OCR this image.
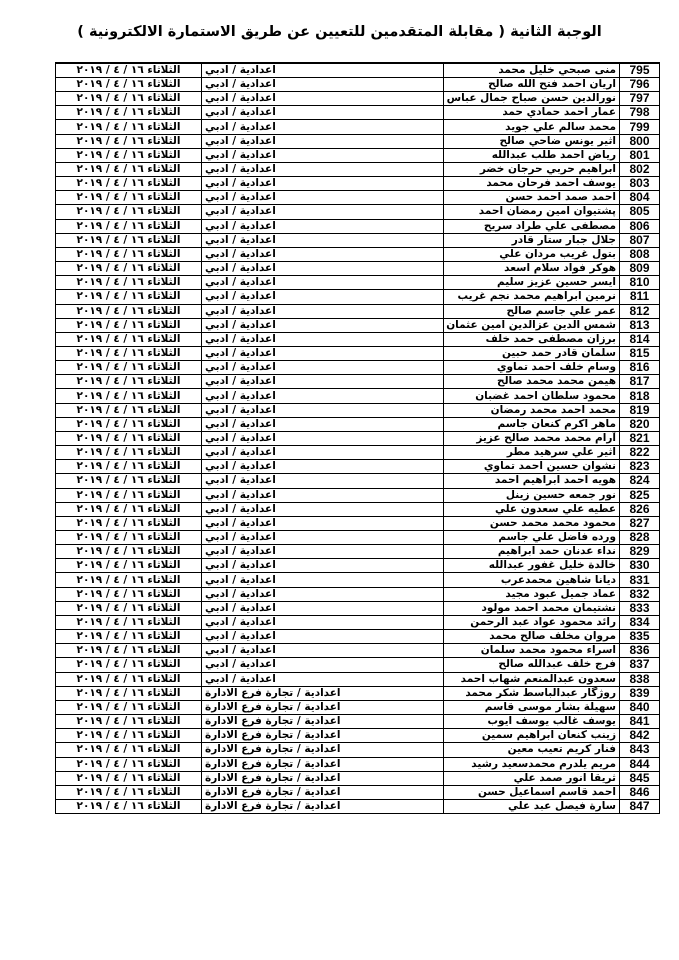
الوجبة الثانية ( مقابلة المتقدمين للتعيين عن طريق الاستمارة الالكترونية )
795	منى صبحي خليل محمد	اعدادية / ادبي	الثلاثاء ١٦ / ٤ / ٢٠١٩
796	اريان احمد فتح الله صالح	اعدادية / ادبي	الثلاثاء ١٦ / ٤ / ٢٠١٩
797	نورالدين حسن صباح جمال عباس	اعدادية / ادبي	الثلاثاء ١٦ / ٤ / ٢٠١٩
798	عمار احمد حمادي حمد	اعدادية / ادبي	الثلاثاء ١٦ / ٤ / ٢٠١٩
799	محمد سالم علي جويد	اعدادية / ادبي	الثلاثاء ١٦ / ٤ / ٢٠١٩
800	اثير يونس ضاحي صالح	اعدادية / ادبي	الثلاثاء ١٦ / ٤ / ٢٠١٩
801	رياض احمد طلب عبدالله	اعدادية / ادبي	الثلاثاء ١٦ / ٤ / ٢٠١٩
802	ابراهيم حربي حرجان خضر	اعدادية / ادبي	الثلاثاء ١٦ / ٤ / ٢٠١٩
803	يوسف احمد فرحان محمد	اعدادية / ادبي	الثلاثاء ١٦ / ٤ / ٢٠١٩
804	احمد صمد احمد حسن	اعدادية / ادبي	الثلاثاء ١٦ / ٤ / ٢٠١٩
805	پشتيوان امين رمضان احمد	اعدادية / ادبي	الثلاثاء ١٦ / ٤ / ٢٠١٩
806	مصطفى علي طراد سريح	اعدادية / ادبي	الثلاثاء ١٦ / ٤ / ٢٠١٩
807	جلال جبار ستار قادر	اعدادية / ادبي	الثلاثاء ١٦ / ٤ / ٢٠١٩
808	بتول غريب مردان علي	اعدادية / ادبي	الثلاثاء ١٦ / ٤ / ٢٠١٩
809	هوكر فواد سلام اسعد	اعدادية / ادبي	الثلاثاء ١٦ / ٤ / ٢٠١٩
810	ايسر حسين عزيز سليم	اعدادية / ادبي	الثلاثاء ١٦ / ٤ / ٢٠١٩
811	نرمين ابراهيم محمد نجم غريب	اعدادية / ادبي	الثلاثاء ١٦ / ٤ / ٢٠١٩
812	عمر علي جاسم صالح	اعدادية / ادبي	الثلاثاء ١٦ / ٤ / ٢٠١٩
813	شمس الدين عزالدين امين عثمان	اعدادية / ادبي	الثلاثاء ١٦ / ٤ / ٢٠١٩
814	برزان مصطفى حمد خلف	اعدادية / ادبي	الثلاثاء ١٦ / ٤ / ٢٠١٩
815	سلمان قادر حمد حبين	اعدادية / ادبي	الثلاثاء ١٦ / ٤ / ٢٠١٩
816	وسام خلف احمد تماوي	اعدادية / ادبي	الثلاثاء ١٦ / ٤ / ٢٠١٩
817	هيمن محمد محمد صالح	اعدادية / ادبي	الثلاثاء ١٦ / ٤ / ٢٠١٩
818	محمود سلطان احمد غضبان	اعدادية / ادبي	الثلاثاء ١٦ / ٤ / ٢٠١٩
819	محمد احمد محمد رمضان	اعدادية / ادبي	الثلاثاء ١٦ / ٤ / ٢٠١٩
820	ماهر اكرم كنعان جاسم	اعدادية / ادبي	الثلاثاء ١٦ / ٤ / ٢٠١٩
821	آرام محمد محمد صالح عزيز	اعدادية / ادبي	الثلاثاء ١٦ / ٤ / ٢٠١٩
822	اثير علي سرهيد مطر	اعدادية / ادبي	الثلاثاء ١٦ / ٤ / ٢٠١٩
823	نشوان حسين احمد تماوي	اعدادية / ادبي	الثلاثاء ١٦ / ٤ / ٢٠١٩
824	هويه احمد ابراهيم احمد	اعدادية / ادبي	الثلاثاء ١٦ / ٤ / ٢٠١٩
825	نور جمعه حسين زينل	اعدادية / ادبي	الثلاثاء ١٦ / ٤ / ٢٠١٩
826	عطيه علي سعدون علي	اعدادية / ادبي	الثلاثاء ١٦ / ٤ / ٢٠١٩
827	محمود محمد محمد حسن	اعدادية / ادبي	الثلاثاء ١٦ / ٤ / ٢٠١٩
828	ورده فاضل علي جاسم	اعدادية / ادبي	الثلاثاء ١٦ / ٤ / ٢٠١٩
829	نداء عدنان حمد ابراهيم	اعدادية / ادبي	الثلاثاء ١٦ / ٤ / ٢٠١٩
830	خالدة خليل غفور عبدالله	اعدادية / ادبي	الثلاثاء ١٦ / ٤ / ٢٠١٩
831	ديانا شاهين محمدعرب	اعدادية / ادبي	الثلاثاء ١٦ / ٤ / ٢٠١٩
832	عماد جميل عبود مجيد	اعدادية / ادبي	الثلاثاء ١٦ / ٤ / ٢٠١٩
833	نشتيمان محمد احمد مولود	اعدادية / ادبي	الثلاثاء ١٦ / ٤ / ٢٠١٩
834	رائد محمود عواد عبد الرحمن	اعدادية / ادبي	الثلاثاء ١٦ / ٤ / ٢٠١٩
835	مروان مخلف صالح محمد	اعدادية / ادبي	الثلاثاء ١٦ / ٤ / ٢٠١٩
836	اسراء محمود محمد سلمان	اعدادية / ادبي	الثلاثاء ١٦ / ٤ / ٢٠١٩
837	فرج خلف عبدالله صالح	اعدادية / ادبي	الثلاثاء ١٦ / ٤ / ٢٠١٩
838	سعدون عبدالمنعم شهاب احمد	اعدادية / ادبي	الثلاثاء ١٦ / ٤ / ٢٠١٩
839	روژگار عبدالباسط شكر محمد	اعدادية / تجارة فرع الادارة	الثلاثاء ١٦ / ٤ / ٢٠١٩
840	سهيلة بشار موسى قاسم	اعدادية / تجارة فرع الادارة	الثلاثاء ١٦ / ٤ / ٢٠١٩
841	يوسف غالب يوسف ايوب	اعدادية / تجارة فرع الادارة	الثلاثاء ١٦ / ٤ / ٢٠١٩
842	زينب كنعان ابراهيم سمين	اعدادية / تجارة فرع الادارة	الثلاثاء ١٦ / ٤ / ٢٠١٩
843	فنار كريم تعيب معين	اعدادية / تجارة فرع الادارة	الثلاثاء ١٦ / ٤ / ٢٠١٩
844	مريم يلدرم محمدسعيد رشيد	اعدادية / تجارة فرع الادارة	الثلاثاء ١٦ / ٤ / ٢٠١٩
845	ثريقا انور صمد علي	اعدادية / تجارة فرع الادارة	الثلاثاء ١٦ / ٤ / ٢٠١٩
846	احمد قاسم اسماعيل حسن	اعدادية / تجارة فرع الادارة	الثلاثاء ١٦ / ٤ / ٢٠١٩
847	سارة فيصل عبد علي	اعدادية / تجارة فرع الادارة	الثلاثاء ١٦ / ٤ / ٢٠١٩
